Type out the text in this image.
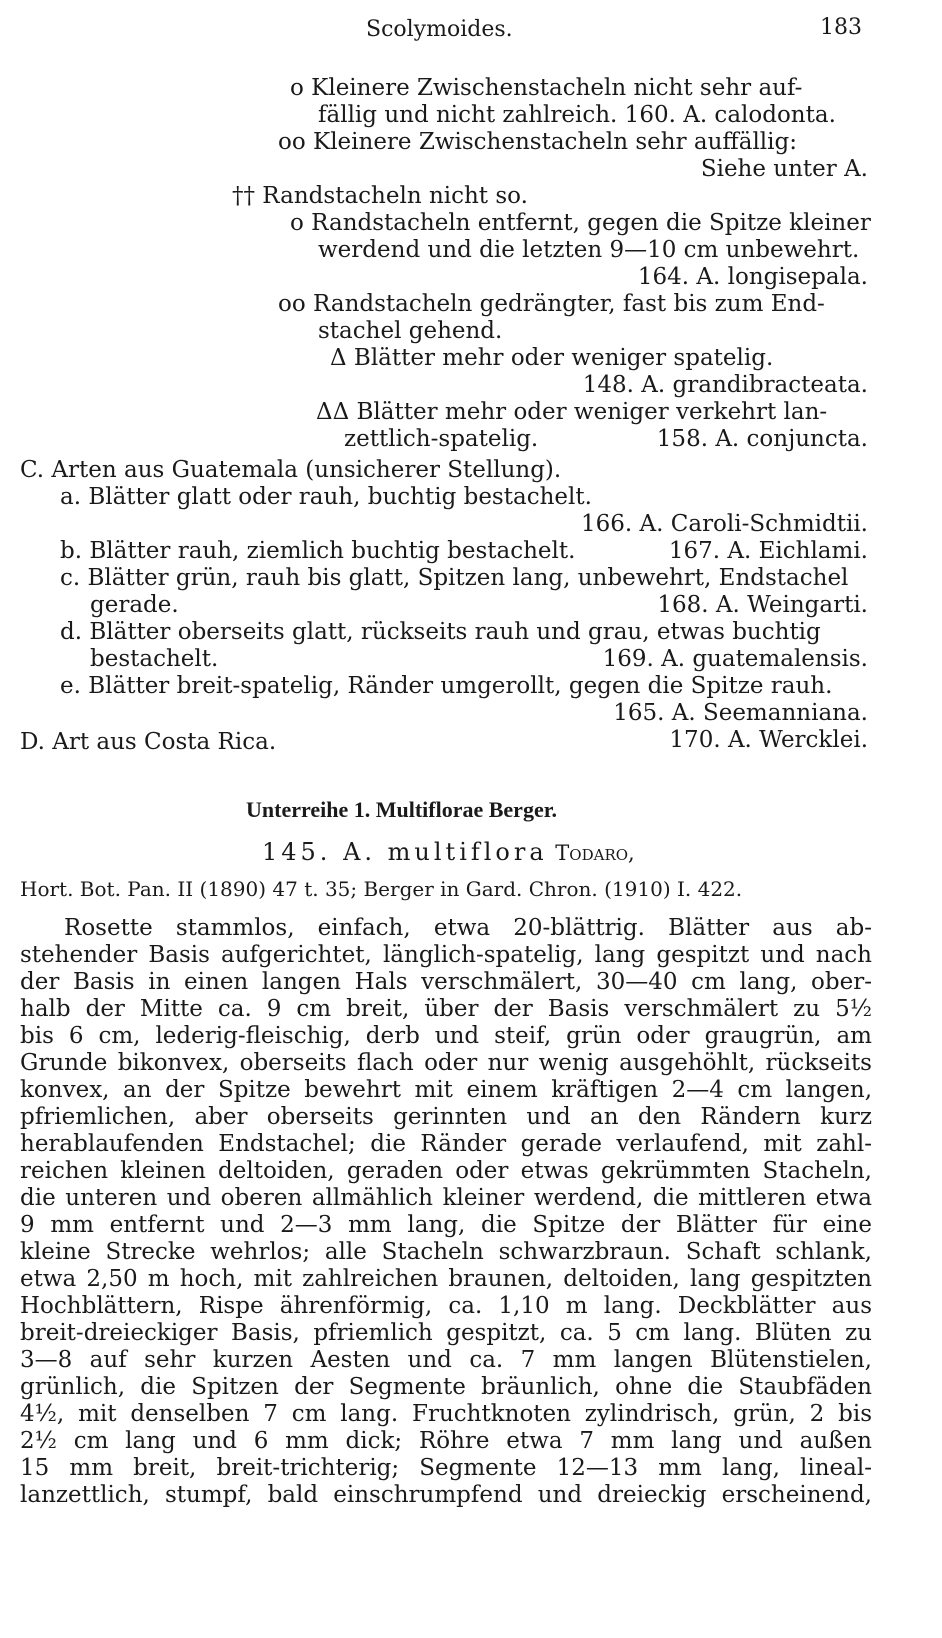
Scolymoides.	183
o Kleinere Zwischenstacheln nicht sehr auf-
fällig und nicht zahlreich. 160. A. calodonta.
oo Kleinere Zwischenstacheln sehr auffällig:
Siehe unter A.
†† Randstacheln nicht so.
o Randstacheln entfernt, gegen die Spitze kleiner
werdend und die letzten 9—10 cm unbewehrt.
164. A. longisepala.
oo Randstacheln gedrängter, fast bis zum End-
stachel gehend.
Δ Blätter mehr oder weniger spatelig.
148. A. grandibracteata.
ΔΔ Blätter mehr oder weniger verkehrt lan-
zettlich-spatelig.	158. A. conjuncta.
C. Arten aus Guatemala (unsicherer Stellung).
a. Blätter glatt oder rauh, buchtig bestachelt.
166. A. Caroli-Schmidtii.
b. Blätter rauh, ziemlich buchtig bestachelt.	167. A. Eichlami.
c. Blätter grün, rauh bis glatt, Spitzen lang, unbewehrt, Endstachel
gerade.	168. A. Weingarti.
d. Blätter oberseits glatt, rückseits rauh und grau, etwas buchtig
bestachelt.	169. A. guatemalensis.
e. Blätter breit-spatelig, Ränder umgerollt, gegen die Spitze rauh.
165. A. Seemanniana.
D. Art aus Costa Rica.	170. A. Wercklei.
Unterreihe 1. Multiflorae Berger.
145. A. multiflora Todaro,
Hort. Bot. Pan. II (1890) 47 t. 35; Berger in Gard. Chron. (1910) I. 422.
Rosette stammlos, einfach, etwa 20-blättrig. Blätter aus ab-
stehender Basis aufgerichtet, länglich-spatelig, lang gespitzt und nach
der Basis in einen langen Hals verschmälert, 30—40 cm lang, ober-
halb der Mitte ca. 9 cm breit, über der Basis verschmälert zu 5½
bis 6 cm, lederig-fleischig, derb und steif, grün oder graugrün, am
Grunde bikonvex, oberseits flach oder nur wenig ausgehöhlt, rückseits
konvex, an der Spitze bewehrt mit einem kräftigen 2—4 cm langen,
pfriemlichen, aber oberseits gerinnten und an den Rändern kurz
herablaufenden Endstachel; die Ränder gerade verlaufend, mit zahl-
reichen kleinen deltoiden, geraden oder etwas gekrümmten Stacheln,
die unteren und oberen allmählich kleiner werdend, die mittleren etwa
9 mm entfernt und 2—3 mm lang, die Spitze der Blätter für eine
kleine Strecke wehrlos; alle Stacheln schwarzbraun. Schaft schlank,
etwa 2,50 m hoch, mit zahlreichen braunen, deltoiden, lang gespitzten
Hochblättern, Rispe ährenförmig, ca. 1,10 m lang. Deckblätter aus
breit-dreieckiger Basis, pfriemlich gespitzt, ca. 5 cm lang. Blüten zu
3—8 auf sehr kurzen Aesten und ca. 7 mm langen Blütenstielen,
grünlich, die Spitzen der Segmente bräunlich, ohne die Staubfäden
4½, mit denselben 7 cm lang. Fruchtknoten zylindrisch, grün, 2 bis
2½ cm lang und 6 mm dick; Röhre etwa 7 mm lang und außen
15 mm breit, breit-trichterig; Segmente 12—13 mm lang, lineal-
lanzettlich, stumpf, bald einschrumpfend und dreieckig erscheinend,
